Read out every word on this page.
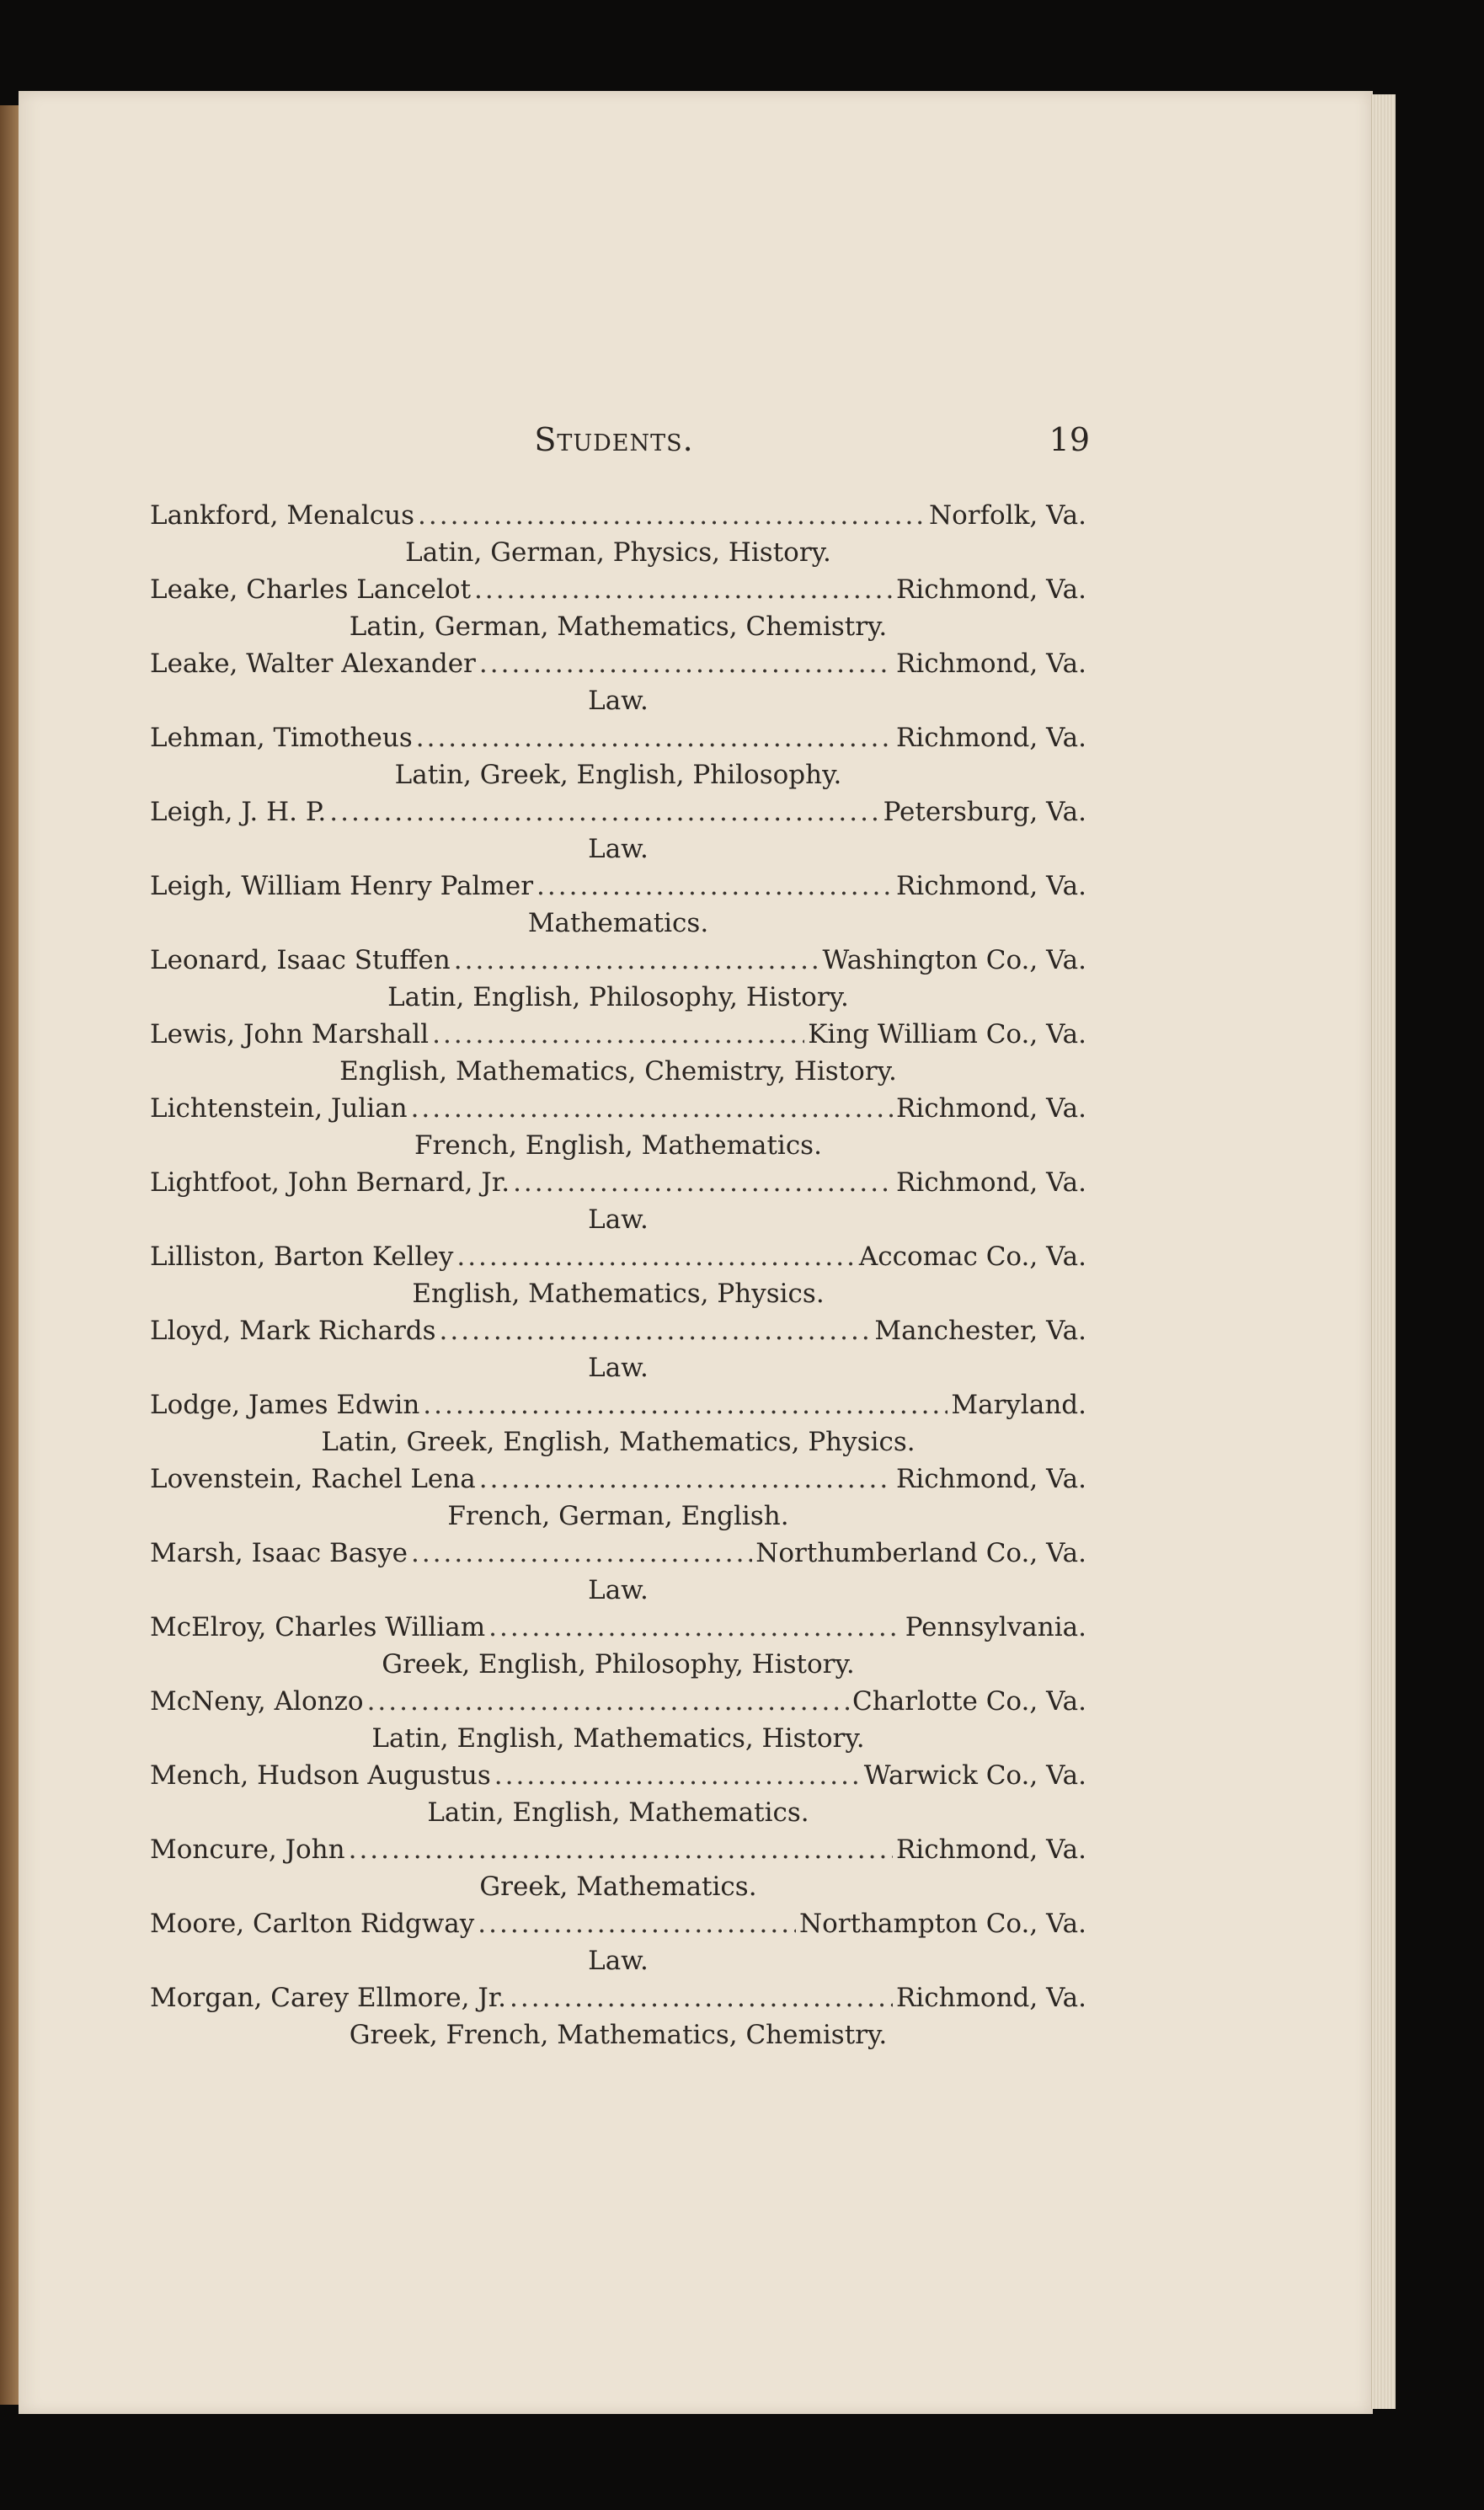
Students.	19
Lankford, Menalcus .....	Norfolk, Va.
Latin, German, Physics, History.
Leake, Charles Lancelot .....	Richmond, Va.
Latin, German, Mathematics, Chemistry.
Leake, Walter Alexander .....	Richmond, Va.
Law.
Lehman, Timotheus .....	Richmond, Va.
Latin, Greek, English, Philosophy.
Leigh, J. H. P. .....	Petersburg, Va.
Law.
Leigh, William Henry Palmer .....	Richmond, Va.
Mathematics.
Leonard, Isaac Stuffen .....	Washington Co., Va.
Latin, English, Philosophy, History.
Lewis, John Marshall .....	King William Co., Va.
English, Mathematics, Chemistry, History.
Lichtenstein, Julian .....	Richmond, Va.
French, English, Mathematics.
Lightfoot, John Bernard, Jr. .....	Richmond, Va.
Law.
Lilliston, Barton Kelley .....	Accomac Co., Va.
English, Mathematics, Physics.
Lloyd, Mark Richards .....	Manchester, Va.
Law.
Lodge, James Edwin .....	Maryland.
Latin, Greek, English, Mathematics, Physics.
Lovenstein, Rachel Lena .....	Richmond, Va.
French, German, English.
Marsh, Isaac Basye .....	Northumberland Co., Va.
Law.
McElroy, Charles William .....	Pennsylvania.
Greek, English, Philosophy, History.
McNeny, Alonzo .....	Charlotte Co., Va.
Latin, English, Mathematics, History.
Mench, Hudson Augustus .....	Warwick Co., Va.
Latin, English, Mathematics.
Moncure, John .....	Richmond, Va.
Greek, Mathematics.
Moore, Carlton Ridgway .....	Northampton Co., Va.
Law.
Morgan, Carey Ellmore, Jr. .....	Richmond, Va.
Greek, French, Mathematics, Chemistry.
